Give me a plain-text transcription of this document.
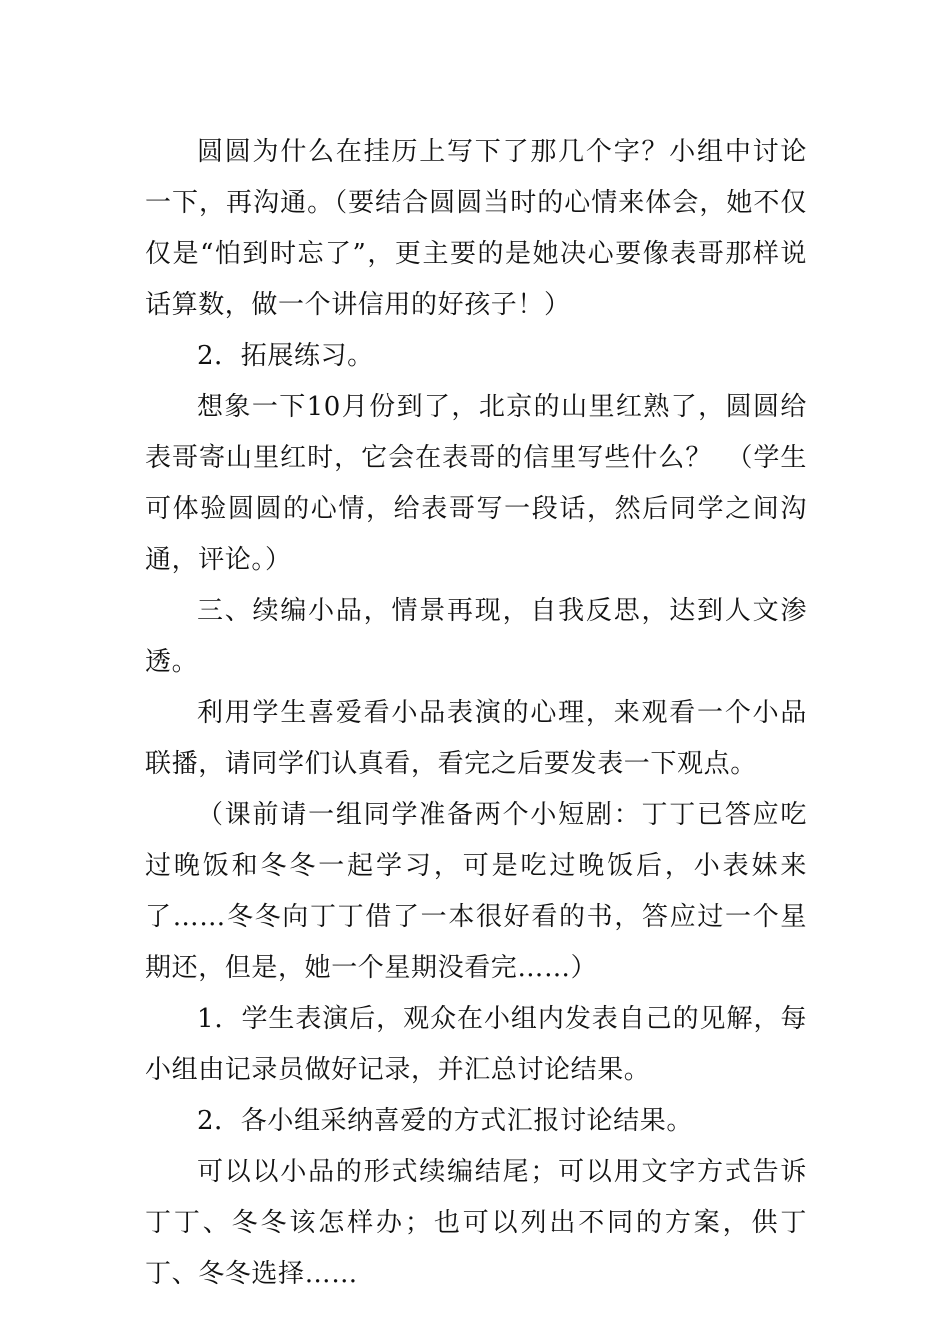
圆圆为什么在挂历上写下了那几个字？小组中讨论一下，再沟通。（要结合圆圆当时的心情来体会，她不仅仅是“怕到时忘了”，更主要的是她决心要像表哥那样说话算数，做一个讲信用的好孩子！）

2．拓展练习。

想象一下10月份到了，北京的山里红熟了，圆圆给表哥寄山里红时，它会在表哥的信里写些什么？　（学生可体验圆圆的心情，给表哥写一段话，然后同学之间沟通，评论。）

三、续编小品，情景再现，自我反思，达到人文渗透。

利用学生喜爱看小品表演的心理，来观看一个小品联播，请同学们认真看，看完之后要发表一下观点。

（课前请一组同学准备两个小短剧：丁丁已答应吃过晚饭和冬冬一起学习，可是吃过晚饭后，小表妹来了……冬冬向丁丁借了一本很好看的书，答应过一个星期还，但是，她一个星期没看完……）

1．学生表演后，观众在小组内发表自己的见解，每小组由记录员做好记录，并汇总讨论结果。

2．各小组采纳喜爱的方式汇报讨论结果。

可以以小品的形式续编结尾；可以用文字方式告诉丁丁、冬冬该怎样办；也可以列出不同的方案，供丁丁、冬冬选择……
